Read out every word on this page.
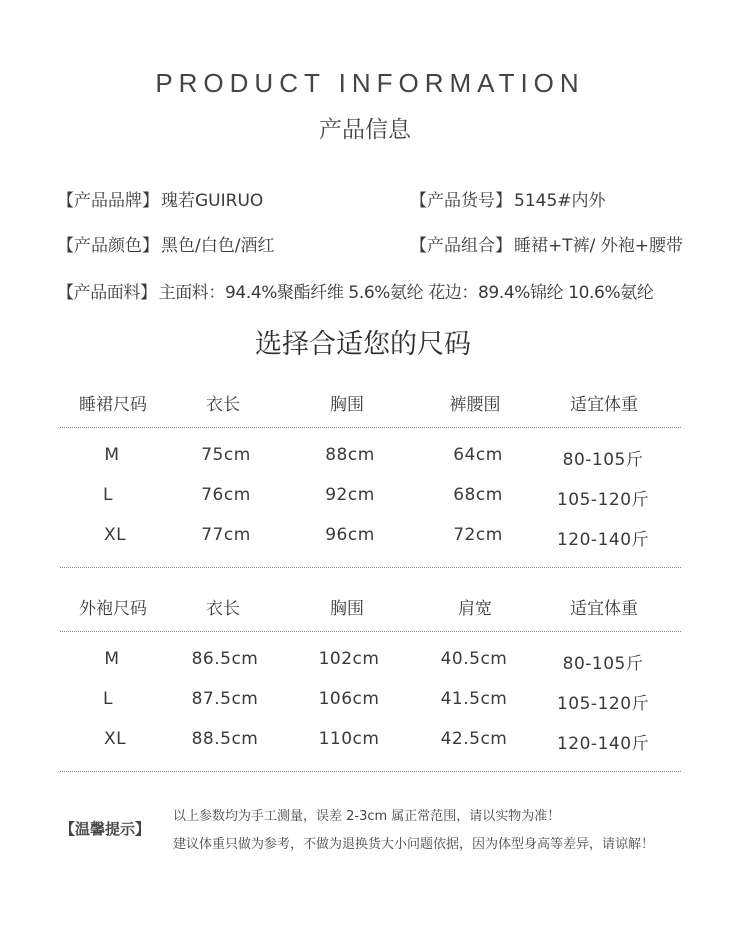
PRODUCT INFORMATION
产品信息
【产品品牌】 瑰若GUIRUO	【产品货号】 5145#内外
【产品颜色】 黑色/白色/酒红	【产品组合】 睡裙+T裤/ 外袍+腰带
【产品面料】 主面料：94.4%聚酯纤维 5.6%氨纶 花边：89.4%锦纶 10.6%氨纶
选择合适您的尺码
睡裙尺码	衣长	胸围	裤腰围	适宜体重
M	75cm	88cm	64cm	80-105斤
L	76cm	92cm	68cm	105-120斤
XL	77cm	96cm	72cm	120-140斤
外袍尺码	衣长	胸围	肩宽	适宜体重
M	86.5cm	102cm	40.5cm	80-105斤
L	87.5cm	106cm	41.5cm	105-120斤
XL	88.5cm	110cm	42.5cm	120-140斤
【温馨提示】
以上参数均为手工测量，误差 2-3cm 属正常范围，请以实物为准！
建议体重只做为参考，不做为退换货大小问题依据，因为体型身高等差异，请谅解！
